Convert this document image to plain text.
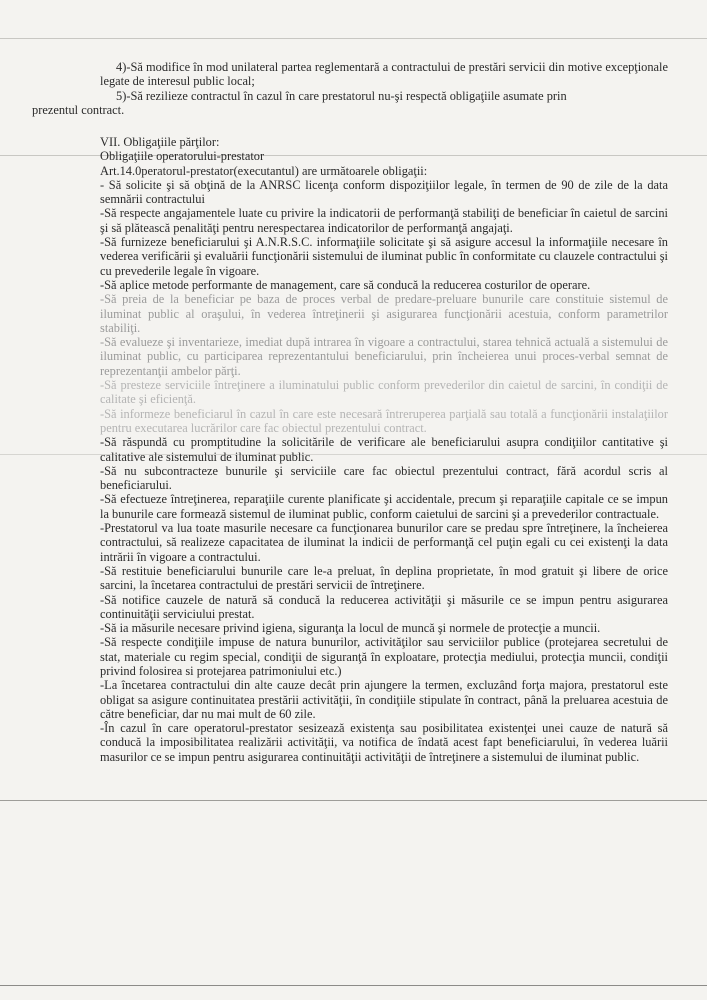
4)-Să modifice în mod unilateral partea reglementară a contractului de prestări servicii din motive excepţionale legate de interesul public local;

5)-Să rezilieze contractul în cazul în care prestatorul nu-şi respectă obligaţiile asumate prin

prezentul contract.

VII. Obligaţiile părţilor:

Obligaţiile operatorului-prestator

Art.14.0peratorul-prestator(executantul) are următoarele obligaţii:

- Să solicite şi să obţină de la ANRSC licenţa conform dispoziţiilor legale, în termen de 90 de zile de la data semnării contractului

-Să respecte angajamentele luate cu privire la indicatorii de performanţă stabiliţi de beneficiar în caietul de sarcini şi să plătească penalităţi pentru nerespectarea indicatorilor de performanţă angajaţi.

-Să furnizeze beneficiarului şi A.N.R.S.C. informaţiile solicitate şi să asigure accesul la informaţiile necesare în vederea verificării şi evaluării funcţionării sistemului de iluminat public în conformitate cu clauzele contractului şi cu prevederile legale în vigoare.

-Să aplice metode performante de management, care să conducă la reducerea costurilor de operare.

-Să preia de la beneficiar pe baza de proces verbal de predare-preluare bunurile care constituie sistemul de iluminat public al oraşului, în vederea întreţinerii şi asigurarea funcţionării acestuia, conform parametrilor stabiliţi.

-Să evalueze şi inventarieze, imediat după intrarea în vigoare a contractului, starea tehnică actuală a sistemului de iluminat public, cu participarea reprezentantului beneficiarului, prin încheierea unui proces-verbal semnat de reprezentanţii ambelor părţi.

-Să presteze serviciile întreţinere a iluminatului public conform prevederilor din caietul de sarcini, în condiţii de calitate şi eficienţă.

-Să informeze beneficiarul în cazul în care este necesară întreruperea parţială sau totală a funcţionării instalaţiilor pentru executarea lucrărilor care fac obiectul prezentului contract.

-Să răspundă cu promptitudine la solicitările de verificare ale beneficiarului asupra condiţiilor cantitative şi calitative ale sistemului de iluminat public.

-Să nu subcontracteze bunurile şi serviciile care fac obiectul prezentului contract, fără acordul scris al beneficiarului.

-Să efectueze întreţinerea, reparaţiile curente planificate şi accidentale, precum şi reparaţiile capitale ce se impun la bunurile care formează sistemul de iluminat public, conform caietului de sarcini şi a prevederilor contractuale.

-Prestatorul va lua toate masurile necesare ca funcţionarea bunurilor care se predau spre întreţinere, la încheierea contractului, să realizeze capacitatea de iluminat la indicii de performanţă cel puţin egali cu cei existenţi la data intrării în vigoare a contractului.

-Să restituie beneficiarului bunurile care le-a preluat, în deplina proprietate, în mod gratuit şi libere de orice sarcini, la încetarea contractului de prestări servicii de întreţinere.

-Să notifice cauzele de natură să conducă la reducerea activităţii şi măsurile ce se impun pentru asigurarea continuităţii serviciului prestat.

-Să ia măsurile necesare privind igiena, siguranţa la locul de muncă şi normele de protecţie a muncii.

-Să respecte condiţiile impuse de natura bunurilor, activităţilor sau serviciilor publice (protejarea secretului de stat, materiale cu regim special, condiţii de siguranţă în exploatare, protecţia mediului, protecţia muncii, condiţii privind folosirea si protejarea patrimoniului etc.)

-La încetarea contractului din alte cauze decât prin ajungere la termen, excluzând forţa majora, prestatorul este obligat sa asigure continuitatea prestării activităţii, în condiţiile stipulate în contract, până la preluarea acestuia de către beneficiar, dar nu mai mult de 60 zile.

-În cazul în care operatorul-prestator sesizează existenţa sau posibilitatea existenţei unei cauze de natură să conducă la imposibilitatea realizării activităţii, va notifica de îndată acest fapt beneficiarului, în vederea luării masurilor ce se impun pentru asigurarea continuităţii activităţii de întreţinere a sistemului de iluminat public.
